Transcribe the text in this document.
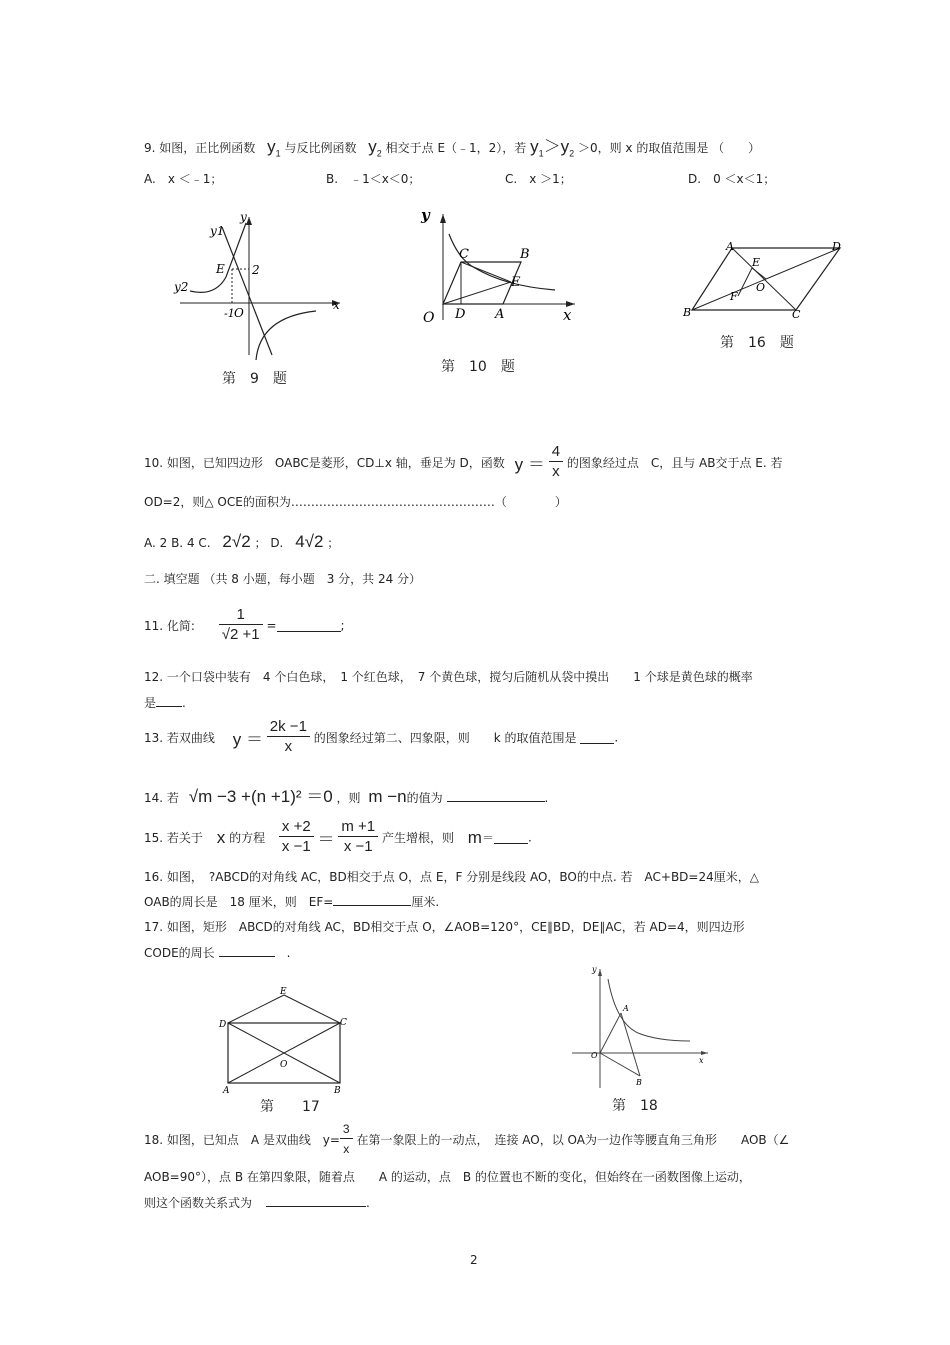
9. 如图，正比例函数 $y_1$ 与反比例函数 $y_2$ 相交于点 E（﹣1，2），若 $y_1>y_2 >0$，则 x 的取值范围是 （　　）
A.　 x ＜﹣1；	B.　 ﹣1＜x＜0；	C.　 x ＞1；	D.　 0 ＜x＜1；
y
x
y1
y2
E 2
-1 O
第　9　题
y
x
C	B
E
O D A
第　10　题
A	D
E
O
F
B	C
第　16　题
10. 如图，已知四边形　OABC是菱形，CD⊥x 轴，垂足为 D，函数 $y = \frac{4}{x}$ 的图象经过点　C，且与 AB交于点 E. 若
OD=2，则△ OCE的面积为……………………………………………（　　　　）
A. 2 B. 4 C. 2√2 ； D. 4√2 ；
二. 填空题 （共 8 小题，每小题　3 分，共 24 分）
11. 化简: $\frac{1}{√2 +1}$ =	;
12. 一个口袋中装有　4 个白色球，　1 个红色球，　7 个黄色球，搅匀后随机从袋中摸出　　1 个球是黄色球的概率
是 .
13. 若双曲线 $y = \frac{2k -1}{x}$ 的图象经过第二、四象限，则　　k 的取值范围是	.
14. 若 √m −3 +(n +1)² ＝0 ，则 m −n的值为	.
15. 若关于 x 的方程 $\frac{x +2}{x -1} = \frac{m +1}{x -1}$ 产生增根，则 m＝	.
16. 如图，　?ABCD的对角线 AC，BD相交于点 O，点 E，F 分别是线段 AO，BO的中点. 若　AC+BD=24厘米，△
OAB的周长是　18 厘米，则　EF=	厘米.
17. 如图，矩形　ABCD的对角线 AC，BD相交于点 O，∠AOB=120°，CE∥BD，DE∥AC，若 AD=4，则四边形
CODE的周长　	.
E
D	C
O
A	B
第　　17
y
x
A
O
B
第　18
18. 如图，已知点　A 是双曲线 $y= \frac{3}{x}$ 在第一象限上的一动点，　连接 AO，以 OA为一边作等腰直角三角形　　AOB（∠
AOB=90°），点 B 在第四象限，随着点　　A 的运动，点　B 的位置也不断的变化，但始终在一函数图像上运动，
则这个函数关系式为	.
2
